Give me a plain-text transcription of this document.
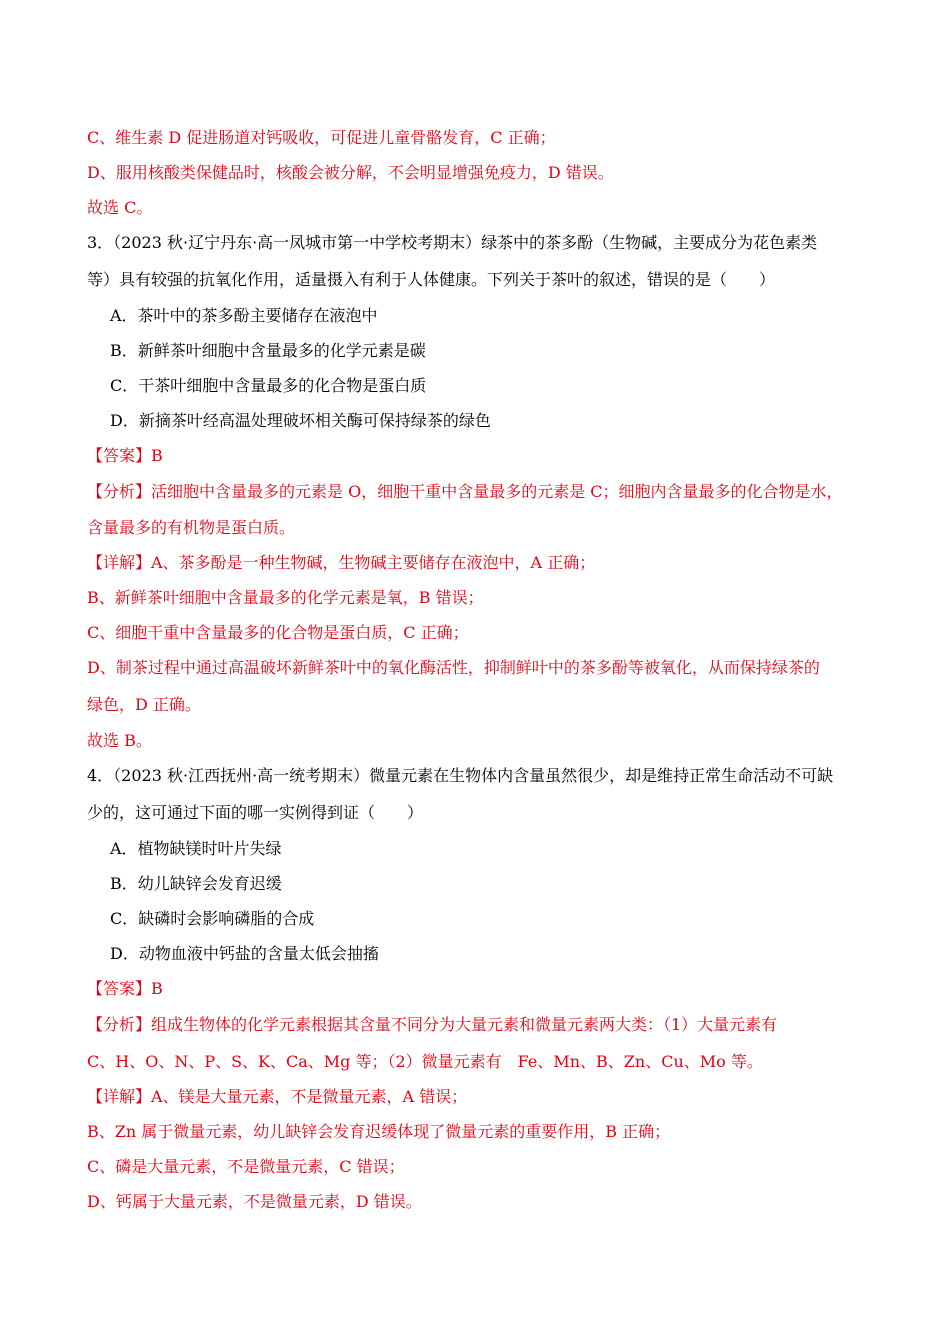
C、维生素 D 促进肠道对钙吸收，可促进儿童骨骼发育，C 正确；
D、服用核酸类保健品时，核酸会被分解，不会明显增强免疫力，D 错误。
故选 C。
3．（2023 秋·辽宁丹东·高一凤城市第一中学校考期末）绿茶中的茶多酚（生物碱，主要成分为花色素类
等）具有较强的抗氧化作用，适量摄入有利于人体健康。下列关于茶叶的叙述，错误的是（　　）
A．茶叶中的茶多酚主要储存在液泡中
B．新鲜茶叶细胞中含量最多的化学元素是碳
C．干茶叶细胞中含量最多的化合物是蛋白质
D．新摘茶叶经高温处理破坏相关酶可保持绿茶的绿色
【答案】B
【分析】活细胞中含量最多的元素是 O，细胞干重中含量最多的元素是 C；细胞内含量最多的化合物是水，
含量最多的有机物是蛋白质。
【详解】A、茶多酚是一种生物碱，生物碱主要储存在液泡中，A 正确；
B、新鲜茶叶细胞中含量最多的化学元素是氧，B 错误；
C、细胞干重中含量最多的化合物是蛋白质，C 正确；
D、制茶过程中通过高温破坏新鲜茶叶中的氧化酶活性，抑制鲜叶中的茶多酚等被氧化，从而保持绿茶的
绿色，D 正确。
故选 B。
4．（2023 秋·江西抚州·高一统考期末）微量元素在生物体内含量虽然很少，却是维持正常生命活动不可缺
少的，这可通过下面的哪一实例得到证（　　）
A．植物缺镁时叶片失绿
B．幼儿缺锌会发育迟缓
C．缺磷时会影响磷脂的合成
D．动物血液中钙盐的含量太低会抽搐
【答案】B
【分析】组成生物体的化学元素根据其含量不同分为大量元素和微量元素两大类：（1）大量元素有
C、H、O、N、P、S、K、Ca、Mg 等；（2）微量元素有　Fe、Mn、B、Zn、Cu、Mo 等。
【详解】A、镁是大量元素，不是微量元素，A 错误；
B、Zn 属于微量元素，幼儿缺锌会发育迟缓体现了微量元素的重要作用，B 正确；
C、磷是大量元素，不是微量元素，C 错误；
D、钙属于大量元素，不是微量元素，D 错误。
